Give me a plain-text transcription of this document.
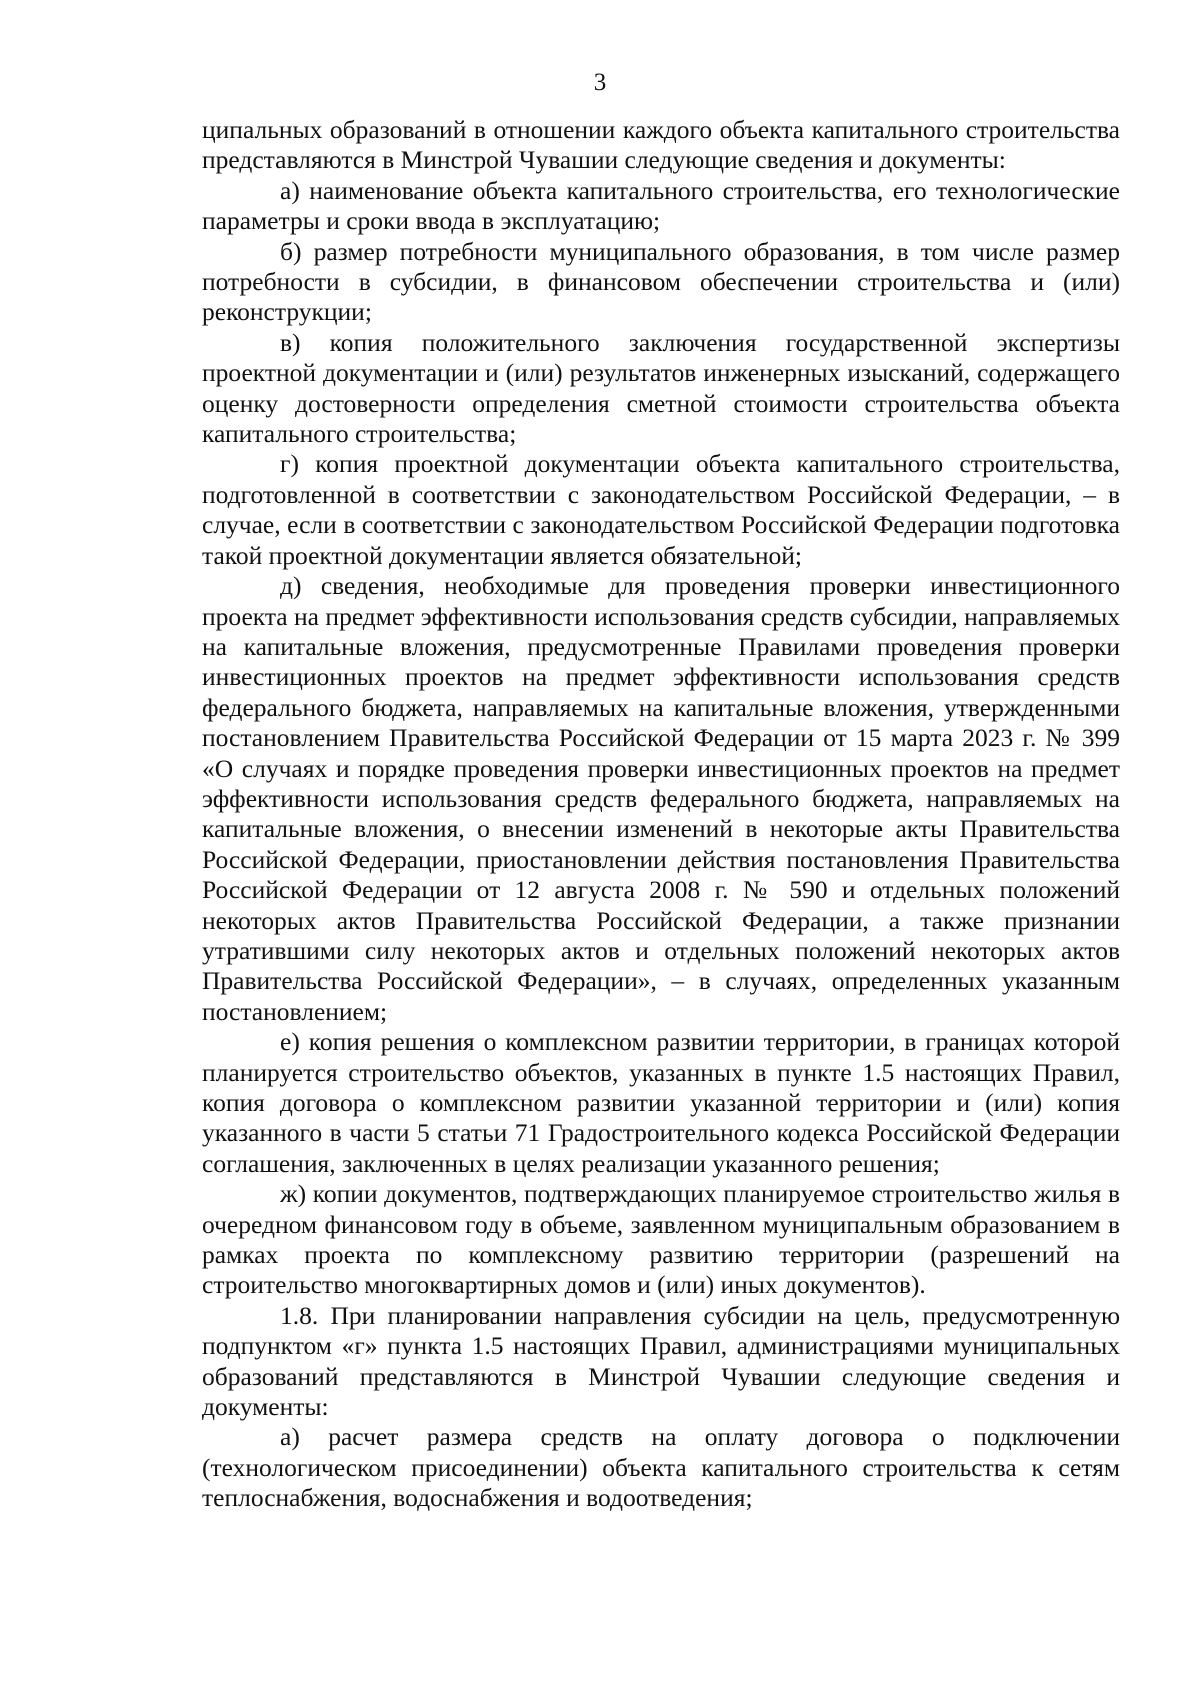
3

ципальных образований в отношении каждого объекта капитального строительства представляются в Минстрой Чувашии следующие сведения и документы:

а) наименование объекта капитального строительства, его технологические параметры и сроки ввода в эксплуатацию;

б) размер потребности муниципального образования, в том числе размер потребности в субсидии, в финансовом обеспечении строительства и (или) реконструкции;

в) копия положительного заключения государственной экспертизы проектной документации и (или) результатов инженерных изысканий, содержащего оценку достоверности определения сметной стоимости строительства объекта капитального строительства;

г) копия проектной документации объекта капитального строительства, подготовленной в соответствии с законодательством Российской Федерации, – в случае, если в соответствии с законодательством Российской Федерации подготовка такой проектной документации является обязательной;

д) сведения, необходимые для проведения проверки инвестиционного проекта на предмет эффективности использования средств субсидии, направляемых на капитальные вложения, предусмотренные Правилами проведения проверки инвестиционных проектов на предмет эффективности использования средств федерального бюджета, направляемых на капитальные вложения, утвержденными постановлением Правительства Российской Федерации от 15 марта 2023 г. № 399 «О случаях и порядке проведения проверки инвестиционных проектов на предмет эффективности использования средств федерального бюджета, направляемых на капитальные вложения, о внесении изменений в некоторые акты Правительства Российской Федерации, приостановлении действия постановления Правительства Российской Федерации от 12 августа 2008 г. № 590 и отдельных положений некоторых актов Правительства Российской Федерации, а также признании утратившими силу некоторых актов и отдельных положений некоторых актов Правительства Российской Федерации», – в случаях, определенных указанным постановлением;

е) копия решения о комплексном развитии территории, в границах которой планируется строительство объектов, указанных в пункте 1.5 настоящих Правил, копия договора о комплексном развитии указанной территории и (или) копия указанного в части 5 статьи 71 Градостроительного кодекса Российской Федерации соглашения, заключенных в целях реализации указанного решения;

ж) копии документов, подтверждающих планируемое строительство жилья в очередном финансовом году в объеме, заявленном муниципальным образованием в рамках проекта по комплексному развитию территории (разрешений на строительство многоквартирных домов и (или) иных документов).

1.8. При планировании направления субсидии на цель, предусмотренную подпунктом «г» пункта 1.5 настоящих Правил, администрациями муниципальных образований представляются в Минстрой Чувашии следующие сведения и документы:

а) расчет размера средств на оплату договора о подключении (технологическом присоединении) объекта капитального строительства к сетям теплоснабжения, водоснабжения и водоотведения;
